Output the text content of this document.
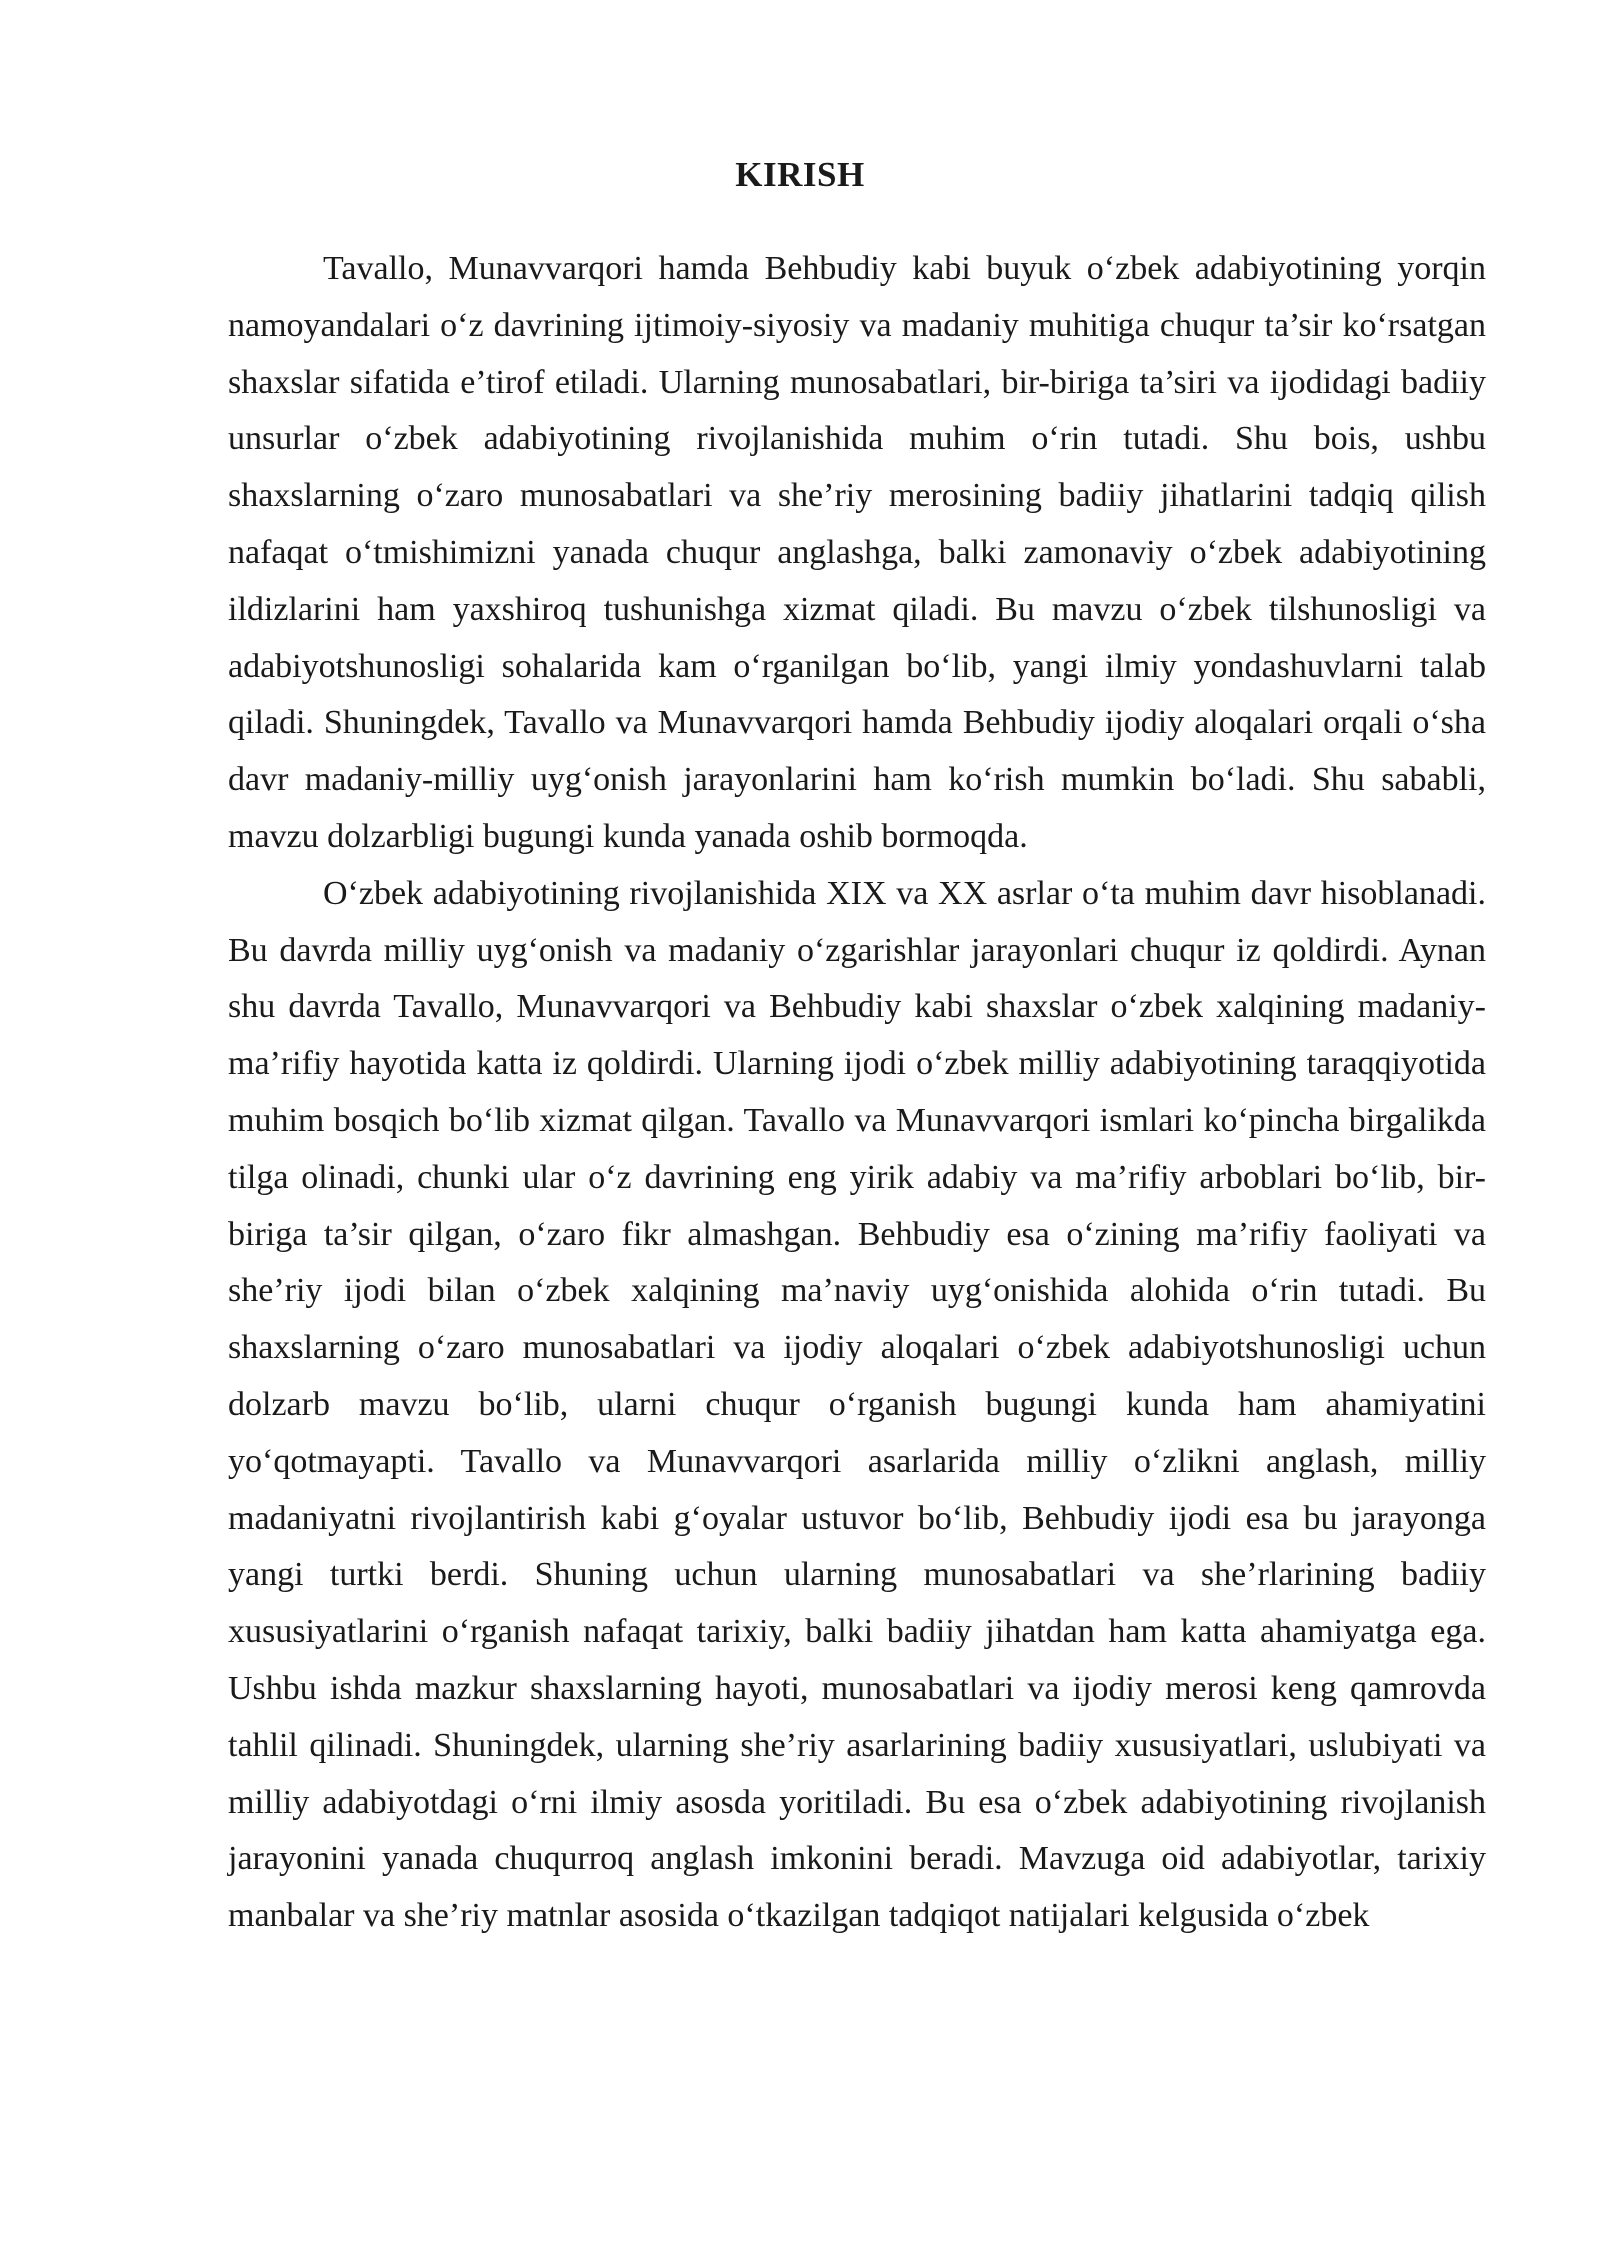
KIRISH

Tavallo, Munavvarqori hamda Behbudiy kabi buyuk o‘zbek adabiyotining yorqin namoyandalari o‘z davrining ijtimoiy-siyosiy va madaniy muhitiga chuqur ta’sir ko‘rsatgan shaxslar sifatida e’tirof etiladi. Ularning munosabatlari, bir-biriga ta’siri va ijodidagi badiiy unsurlar o‘zbek adabiyotining rivojlanishida muhim o‘rin tutadi. Shu bois, ushbu shaxslarning o‘zaro munosabatlari va she’riy merosining badiiy jihatlarini tadqiq qilish nafaqat o‘tmishimizni yanada chuqur anglashga, balki zamonaviy o‘zbek adabiyotining ildizlarini ham yaxshiroq tushunishga xizmat qiladi. Bu mavzu o‘zbek tilshunosligi va adabiyotshunosligi sohalarida kam o‘rganilgan bo‘lib, yangi ilmiy yondashuvlarni talab qiladi. Shuningdek, Tavallo va Munavvarqori hamda Behbudiy ijodiy aloqalari orqali o‘sha davr madaniy-milliy uyg‘onish jarayonlarini ham ko‘rish mumkin bo‘ladi. Shu sababli, mavzu dolzarbligi bugungi kunda yanada oshib bormoqda.

O‘zbek adabiyotining rivojlanishida XIX va XX asrlar o‘ta muhim davr hisoblanadi. Bu davrda milliy uyg‘onish va madaniy o‘zgarishlar jarayonlari chuqur iz qoldirdi. Aynan shu davrda Tavallo, Munavvarqori va Behbudiy kabi shaxslar o‘zbek xalqining madaniy-ma’rifiy hayotida katta iz qoldirdi. Ularning ijodi o‘zbek milliy adabiyotining taraqqiyotida muhim bosqich bo‘lib xizmat qilgan. Tavallo va Munavvarqori ismlari ko‘pincha birgalikda tilga olinadi, chunki ular o‘z davrining eng yirik adabiy va ma’rifiy arboblari bo‘lib, bir-biriga ta’sir qilgan, o‘zaro fikr almashgan. Behbudiy esa o‘zining ma’rifiy faoliyati va she’riy ijodi bilan o‘zbek xalqining ma’naviy uyg‘onishida alohida o‘rin tutadi. Bu shaxslarning o‘zaro munosabatlari va ijodiy aloqalari o‘zbek adabiyotshunosligi uchun dolzarb mavzu bo‘lib, ularni chuqur o‘rganish bugungi kunda ham ahamiyatini yo‘qotmayapti. Tavallo va Munavvarqori asarlarida milliy o‘zlikni anglash, milliy madaniyatni rivojlantirish kabi g‘oyalar ustuvor bo‘lib, Behbudiy ijodi esa bu jarayonga yangi turtki berdi. Shuning uchun ularning munosabatlari va she’rlarining badiiy xususiyatlarini o‘rganish nafaqat tarixiy, balki badiiy jihatdan ham katta ahamiyatga ega. Ushbu ishda mazkur shaxslarning hayoti, munosabatlari va ijodiy merosi keng qamrovda tahlil qilinadi. Shuningdek, ularning she’riy asarlarining badiiy xususiyatlari, uslubiyati va milliy adabiyotdagi o‘rni ilmiy asosda yoritiladi. Bu esa o‘zbek adabiyotining rivojlanish jarayonini yanada chuqurroq anglash imkonini beradi. Mavzuga oid adabiyotlar, tarixiy manbalar va she’riy matnlar asosida o‘tkazilgan tadqiqot natijalari kelgusida o‘zbek
